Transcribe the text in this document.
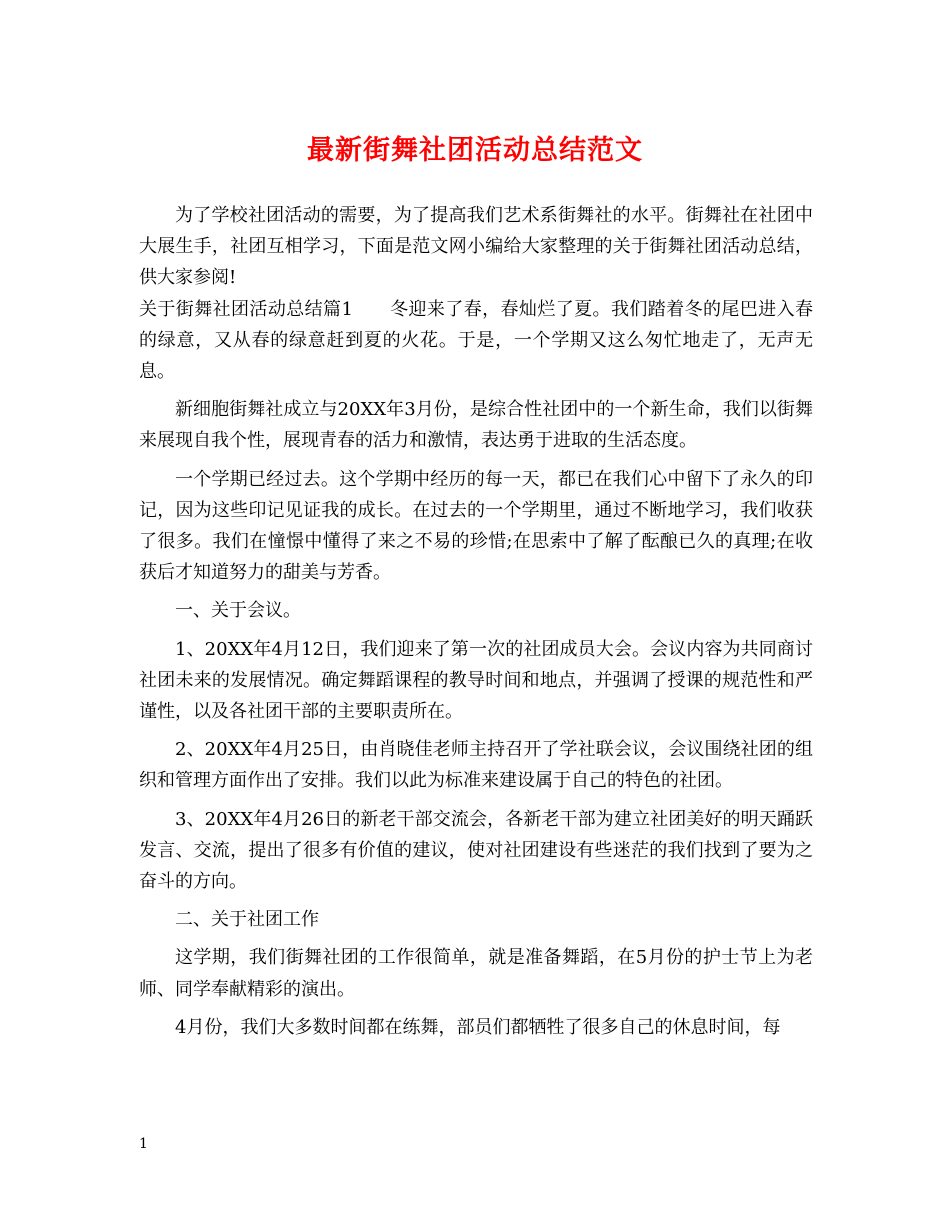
最新街舞社团活动总结范文

为了学校社团活动的需要，为了提高我们艺术系街舞社的水平。街舞社在社团中大展生手，社团互相学习，下面是范文网小编给大家整理的关于街舞社团活动总结，供大家参阅!

关于街舞社团活动总结篇1　　冬迎来了春，春灿烂了夏。我们踏着冬的尾巴进入春的绿意，又从春的绿意赶到夏的火花。于是，一个学期又这么匆忙地走了，无声无息。

新细胞街舞社成立与20XX年3月份，是综合性社团中的一个新生命，我们以街舞来展现自我个性，展现青春的活力和激情，表达勇于进取的生活态度。

一个学期已经过去。这个学期中经历的每一天，都已在我们心中留下了永久的印记，因为这些印记见证我的成长。在过去的一个学期里，通过不断地学习，我们收获了很多。我们在憧憬中懂得了来之不易的珍惜;在思索中了解了酝酿已久的真理;在收获后才知道努力的甜美与芳香。

一、关于会议。

1、20XX年4月12日，我们迎来了第一次的社团成员大会。会议内容为共同商讨社团未来的发展情况。确定舞蹈课程的教导时间和地点，并强调了授课的规范性和严谨性，以及各社团干部的主要职责所在。

2、20XX年4月25日，由肖晓佳老师主持召开了学社联会议，会议围绕社团的组织和管理方面作出了安排。我们以此为标准来建设属于自己的特色的社团。

3、20XX年4月26日的新老干部交流会，各新老干部为建立社团美好的明天踊跃发言、交流，提出了很多有价值的建议，使对社团建设有些迷茫的我们找到了要为之奋斗的方向。

二、关于社团工作

这学期，我们街舞社团的工作很简单，就是准备舞蹈，在5月份的护士节上为老师、同学奉献精彩的演出。

4月份，我们大多数时间都在练舞，部员们都牺牲了很多自己的休息时间，每

1
